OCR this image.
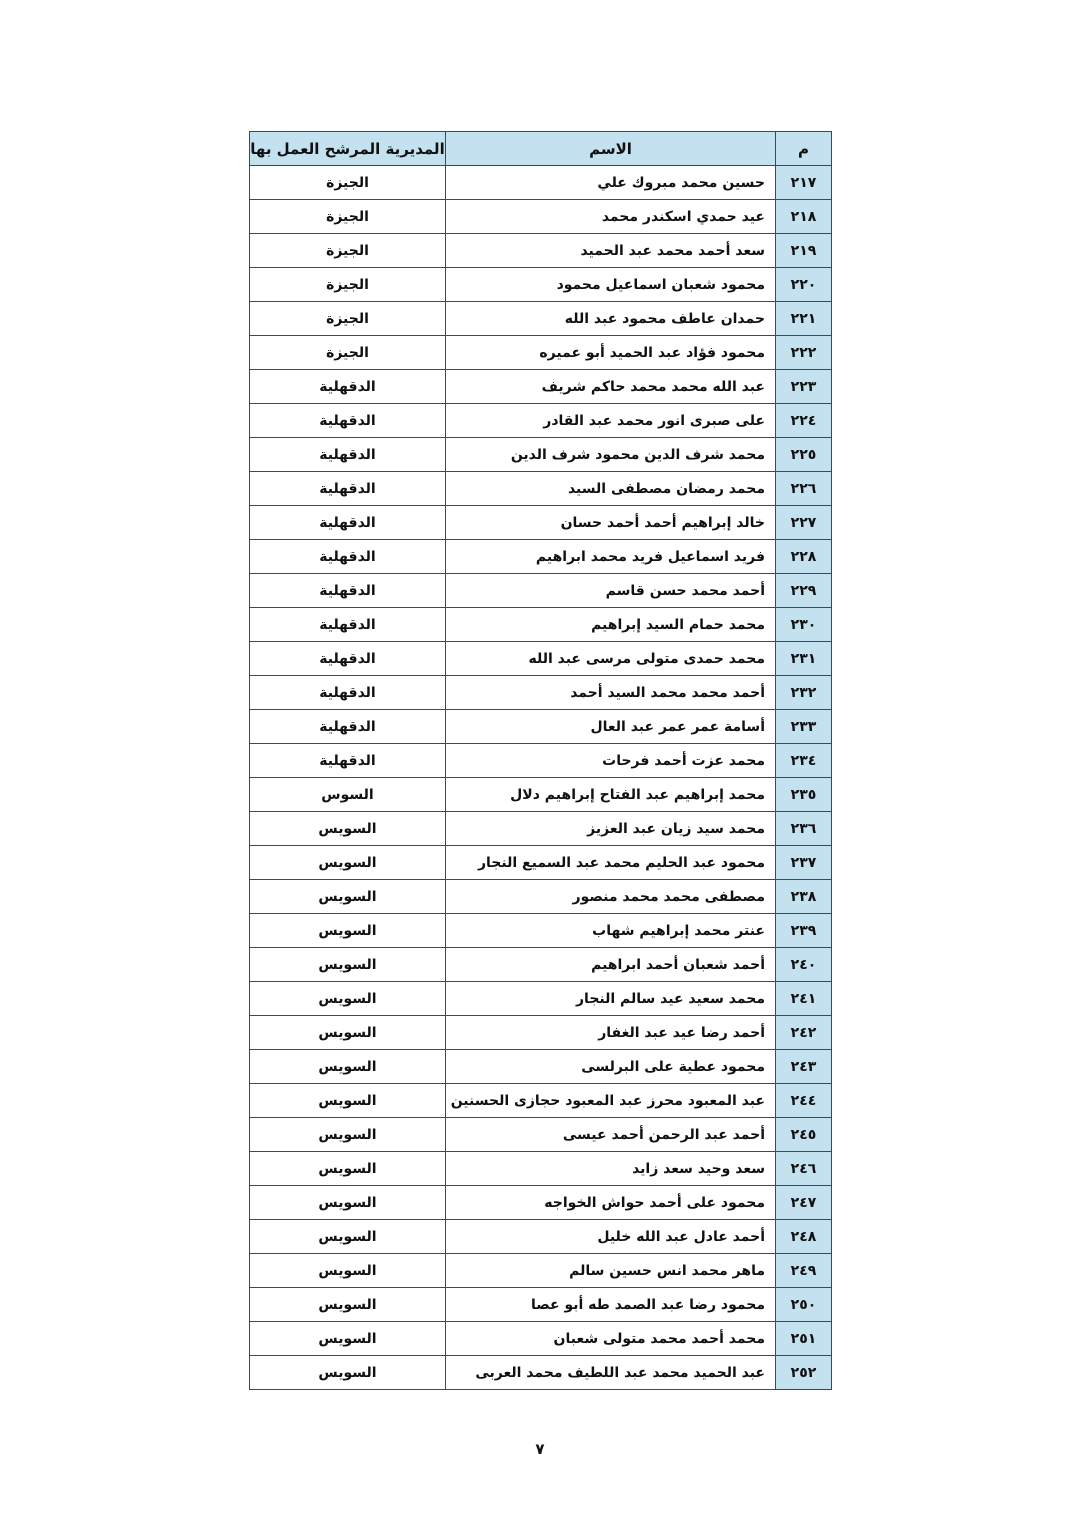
م	الاسم	المديرية المرشح العمل بها
٢١٧	حسين محمد مبروك علي	الجيزة
٢١٨	عيد حمدي اسكندر محمد	الجيزة
٢١٩	سعد أحمد محمد عبد الحميد	الجيزة
٢٢٠	محمود شعبان اسماعيل محمود	الجيزة
٢٢١	حمدان عاطف محمود عبد الله	الجيزة
٢٢٢	محمود فؤاد عبد الحميد أبو عميره	الجيزة
٢٢٣	عبد الله محمد محمد حاكم شريف	الدقهلية
٢٢٤	على صبرى انور محمد عبد القادر	الدقهلية
٢٢٥	محمد شرف الدين محمود شرف الدين	الدقهلية
٢٢٦	محمد رمضان مصطفى السيد	الدقهلية
٢٢٧	خالد إبراهيم أحمد أحمد حسان	الدقهلية
٢٢٨	فريد اسماعيل فريد محمد ابراهيم	الدقهلية
٢٢٩	أحمد محمد حسن قاسم	الدقهلية
٢٣٠	محمد حمام السيد إبراهيم	الدقهلية
٢٣١	محمد حمدى متولى مرسى عبد الله	الدقهلية
٢٣٢	أحمد محمد محمد السيد أحمد	الدقهلية
٢٣٣	أسامة عمر عمر عبد العال	الدقهلية
٢٣٤	محمد عزت أحمد فرحات	الدقهلية
٢٣٥	محمد إبراهيم عبد الفتاح إبراهيم دلال	السوس
٢٣٦	محمد سيد زيان عبد العزيز	السويس
٢٣٧	محمود عبد الحليم محمد عبد السميع النجار	السويس
٢٣٨	مصطفى محمد محمد منصور	السويس
٢٣٩	عنتر محمد إبراهيم شهاب	السويس
٢٤٠	أحمد شعبان أحمد ابراهيم	السويس
٢٤١	محمد سعيد عيد سالم النجار	السويس
٢٤٢	أحمد رضا عيد عبد الغفار	السويس
٢٤٣	محمود عطية على البرلسى	السويس
٢٤٤	عبد المعبود محرز عبد المعبود حجازى الحسنين	السويس
٢٤٥	أحمد عبد الرحمن أحمد عيسى	السويس
٢٤٦	سعد وحيد سعد زايد	السويس
٢٤٧	محمود على أحمد حواش الخواجه	السويس
٢٤٨	أحمد عادل عبد الله خليل	السويس
٢٤٩	ماهر محمد انس حسين سالم	السويس
٢٥٠	محمود رضا عبد الصمد طه أبو عصا	السويس
٢٥١	محمد أحمد محمد متولى شعبان	السويس
٢٥٢	عبد الحميد محمد عبد اللطيف محمد العربى	السويس
٧
